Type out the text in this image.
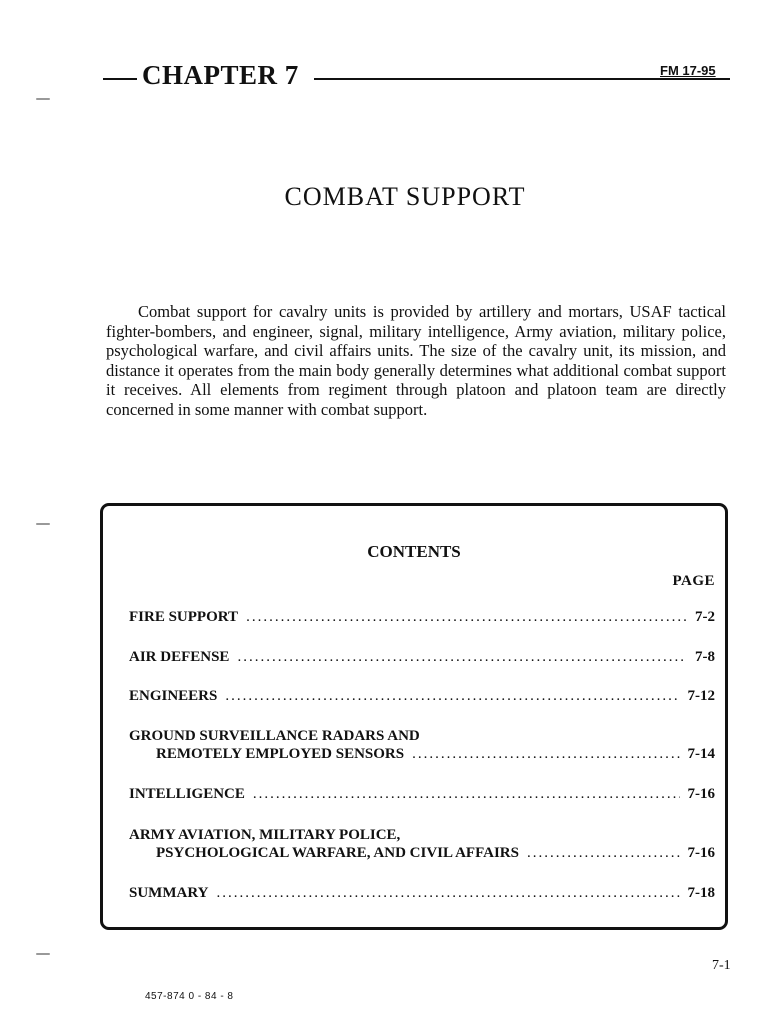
CHAPTER 7	FM 17-95
COMBAT SUPPORT
Combat support for cavalry units is provided by artillery and mortars, USAF tactical fighter-bombers, and engineer, signal, military intelligence, Army aviation, military police, psychological warfare, and civil affairs units. The size of the cavalry unit, its mission, and distance it operates from the main body generally determines what additional combat support it receives. All elements from regiment through platoon and platoon team are directly concerned in some manner with combat support.
CONTENTS
PAGE
FIRE SUPPORT .....	7-2
AIR DEFENSE .....	7-8
ENGINEERS .....	7-12
GROUND SURVEILLANCE RADARS AND
REMOTELY EMPLOYED SENSORS .....	7-14
INTELLIGENCE .....	7-16
ARMY AVIATION, MILITARY POLICE,
PSYCHOLOGICAL WARFARE, AND CIVIL AFFAIRS .....	7-16
SUMMARY .....	7-18
7-1
457-874 0 - 84 - 8
